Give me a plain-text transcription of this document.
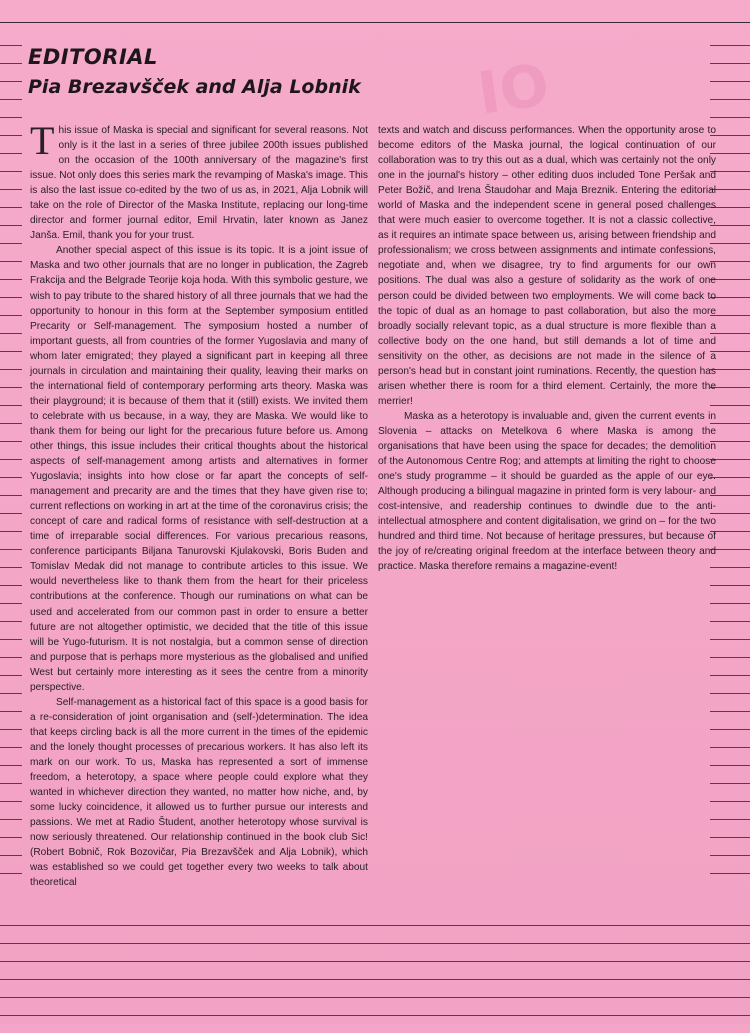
IO
EDITORIAL
Pia Brezavšček and Alja Lobnik

This issue of Maska is special and significant for several reasons. Not only is it the last in a series of three jubilee 200th issues published on the occasion of the 100th anniversary of the magazine's first issue. Not only does this series mark the revamping of Maska's image. This is also the last issue co-edited by the two of us as, in 2021, Alja Lobnik will take on the role of Director of the Maska Institute, replacing our long-time director and former journal editor, Emil Hrvatin, later known as Janez Janša. Emil, thank you for your trust.

Another special aspect of this issue is its topic. It is a joint issue of Maska and two other journals that are no longer in publication, the Zagreb Frakcija and the Belgrade Teorije koja hoda. With this symbolic gesture, we wish to pay tribute to the shared history of all three journals that we had the opportunity to honour in this form at the September symposium entitled Precarity or Self-management. The symposium hosted a number of important guests, all from countries of the former Yugoslavia and many of whom later emigrated; they played a significant part in keeping all three journals in circulation and maintaining their quality, leaving their marks on the international field of contemporary performing arts theory. Maska was their playground; it is because of them that it (still) exists. We invited them to celebrate with us because, in a way, they are Maska. We would like to thank them for being our light for the precarious future before us. Among other things, this issue includes their critical thoughts about the historical aspects of self-management among artists and alternatives in former Yugoslavia; insights into how close or far apart the concepts of self-management and precarity are and the times that they have given rise to; current reflections on working in art at the time of the coronavirus crisis; the concept of care and radical forms of resistance with self-destruction at a time of irreparable social differences. For various precarious reasons, conference participants Biljana Tanurovski Kjulakovski, Boris Buden and Tomislav Medak did not manage to contribute articles to this issue. We would nevertheless like to thank them from the heart for their priceless contributions at the conference. Though our ruminations on what can be used and accelerated from our common past in order to ensure a better future are not altogether optimistic, we decided that the title of this issue will be Yugo-futurism. It is not nostalgia, but a common sense of direction and purpose that is perhaps more mysterious as the globalised and unified West but certainly more interesting as it sees the centre from a minority perspective.

Self-management as a historical fact of this space is a good basis for a re-consideration of joint organisation and (self-)determination. The idea that keeps circling back is all the more current in the times of the epidemic and the lonely thought processes of precarious workers. It has also left its mark on our work. To us, Maska has represented a sort of immense freedom, a heterotopy, a space where people could explore what they wanted in whichever direction they wanted, no matter how niche, and, by some lucky coincidence, it allowed us to further pursue our interests and passions. We met at Radio Študent, another heterotopy whose survival is now seriously threatened. Our relationship continued in the book club Sic! (Robert Bobnič, Rok Bozovičar, Pia Brezavšček and Alja Lobnik), which was established so we could get together every two weeks to talk about theoretical

texts and watch and discuss performances. When the opportunity arose to become editors of the Maska journal, the logical continuation of our collaboration was to try this out as a dual, which was certainly not the only one in the journal's history – other editing duos included Tone Peršak and Peter Božič, and Irena Štaudohar and Maja Breznik. Entering the editorial world of Maska and the independent scene in general posed challenges that were much easier to overcome together. It is not a classic collective, as it requires an intimate space between us, arising between friendship and professionalism; we cross between assignments and intimate confessions, negotiate and, when we disagree, try to find arguments for our own positions. The dual was also a gesture of solidarity as the work of one person could be divided between two employments. We will come back to the topic of dual as an homage to past collaboration, but also the more broadly socially relevant topic, as a dual structure is more flexible than a collective body on the one hand, but still demands a lot of time and sensitivity on the other, as decisions are not made in the silence of a person's head but in constant joint ruminations. Recently, the question has arisen whether there is room for a third element. Certainly, the more the merrier!

Maska as a heterotopy is invaluable and, given the current events in Slovenia – attacks on Metelkova 6 where Maska is among the organisations that have been using the space for decades; the demolition of the Autonomous Centre Rog; and attempts at limiting the right to choose one's study programme – it should be guarded as the apple of our eye. Although producing a bilingual magazine in printed form is very labour- and cost-intensive, and readership continues to dwindle due to the anti-intellectual atmosphere and content digitalisation, we grind on – for the two hundred and third time. Not because of heritage pressures, but because of the joy of re/creating original freedom at the interface between theory and practice. Maska therefore remains a magazine-event!
